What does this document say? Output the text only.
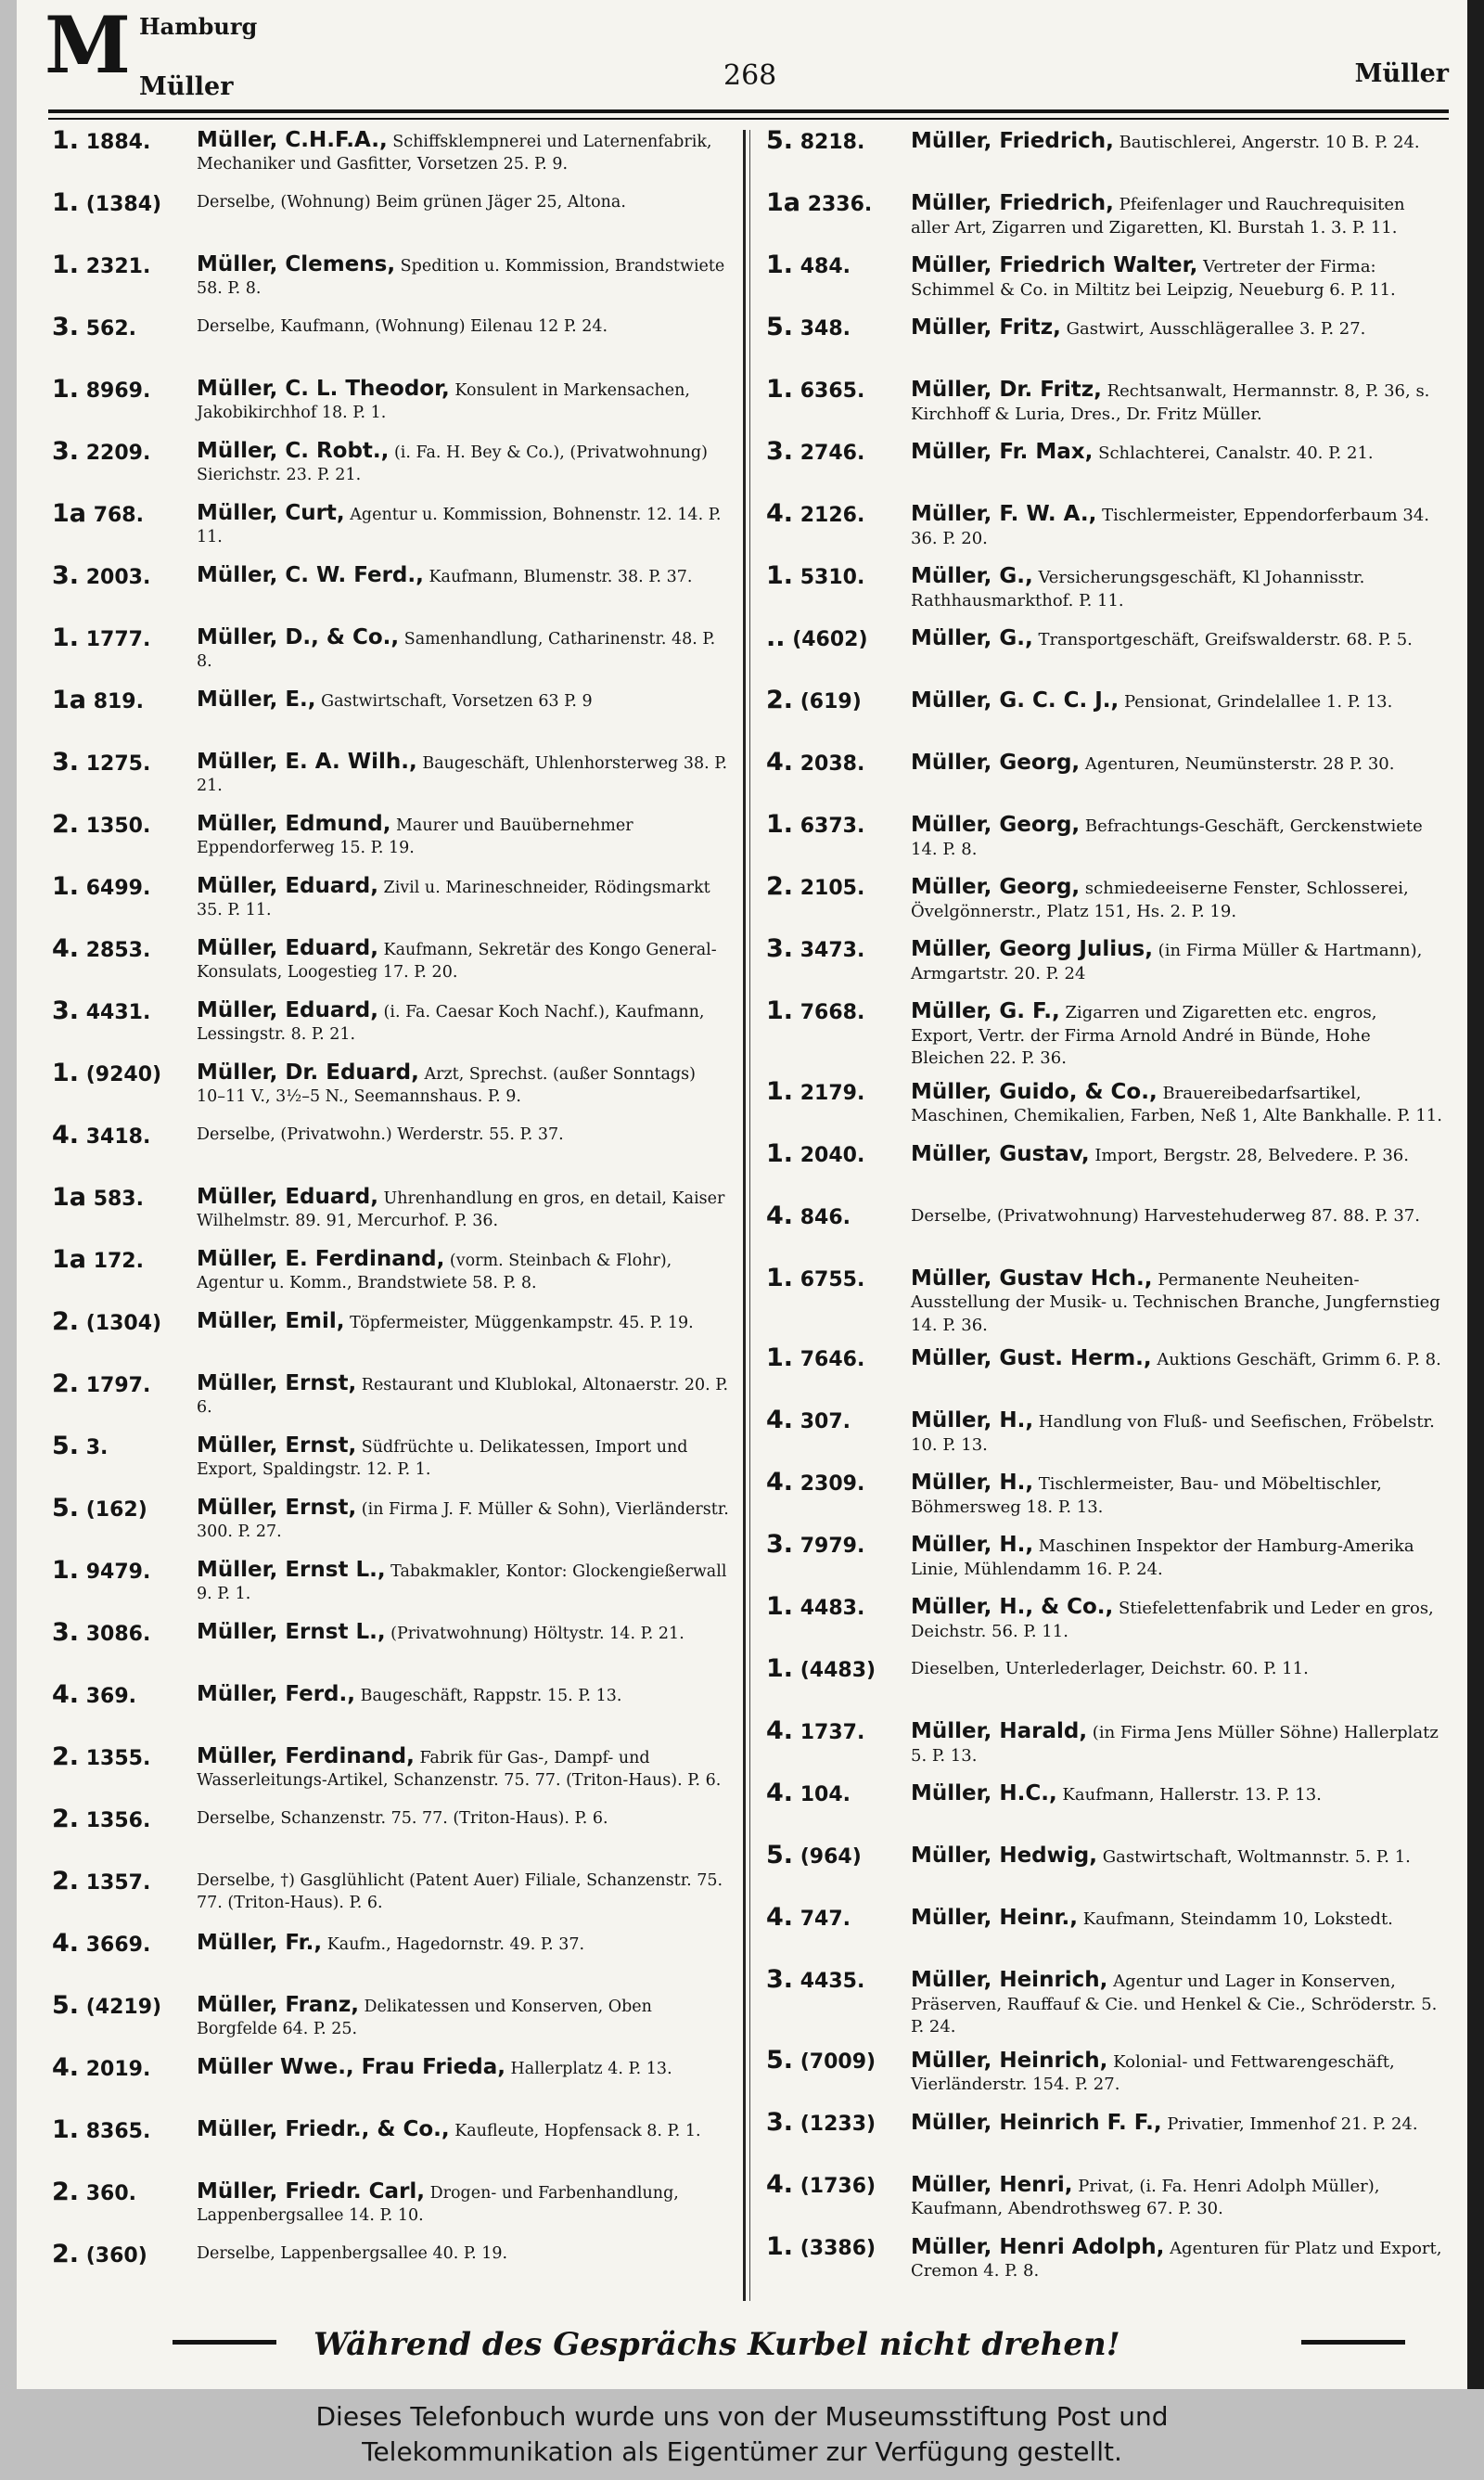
M Hamburg
Müller	268	Müller
1. 1884.	Müller, C.H.F.A., Schiffsklempnerei und Laternenfabrik, Mechaniker und Gasfitter, Vorsetzen 25. P. 9.
1. (1384)	Derselbe, (Wohnung) Beim grünen Jäger 25, Altona.
1. 2321.	Müller, Clemens, Spedition u. Kommission, Brandstwiete 58. P. 8.
3. 562.	Derselbe, Kaufmann, (Wohnung) Eilenau 12 P. 24.
1. 8969.	Müller, C. L. Theodor, Konsulent in Markensachen, Jakobikirchhof 18. P. 1.
3. 2209.	Müller, C. Robt., (i. Fa. H. Bey & Co.), (Privatwohnung) Sierichstr. 23. P. 21.
1a 768.	Müller, Curt, Agentur u. Kommission, Bohnenstr. 12. 14. P. 11.
3. 2003.	Müller, C. W. Ferd., Kaufmann, Blumenstr. 38. P. 37.
1. 1777.	Müller, D., & Co., Samenhandlung, Catharinenstr. 48. P. 8.
1a 819.	Müller, E., Gastwirtschaft, Vorsetzen 63 P. 9
3. 1275.	Müller, E. A. Wilh., Baugeschäft, Uhlenhorsterweg 38. P. 21.
2. 1350.	Müller, Edmund, Maurer und Bauübernehmer Eppendorferweg 15. P. 19.
1. 6499.	Müller, Eduard, Zivil u. Marineschneider, Rödingsmarkt 35. P. 11.
4. 2853.	Müller, Eduard, Kaufmann, Sekretär des Kongo General-Konsulats, Loogestieg 17. P. 20.
3. 4431.	Müller, Eduard, (i. Fa. Caesar Koch Nachf.), Kaufmann, Lessingstr. 8. P. 21.
1. (9240)	Müller, Dr. Eduard, Arzt, Sprechst. (außer Sonntags) 10–11 V., 3½–5 N., Seemannshaus. P. 9.
4. 3418.	Derselbe, (Privatwohn.) Werderstr. 55. P. 37.
1a 583.	Müller, Eduard, Uhrenhandlung en gros, en detail, Kaiser Wilhelmstr. 89. 91, Mercurhof. P. 36.
1a 172.	Müller, E. Ferdinand, (vorm. Steinbach & Flohr), Agentur u. Komm., Brandstwiete 58. P. 8.
2. (1304)	Müller, Emil, Töpfermeister, Müggenkampstr. 45. P. 19.
2. 1797.	Müller, Ernst, Restaurant und Klublokal, Altonaerstr. 20. P. 6.
5. 3.	Müller, Ernst, Südfrüchte u. Delikatessen, Import und Export, Spaldingstr. 12. P. 1.
5. (162)	Müller, Ernst, (in Firma J. F. Müller & Sohn), Vierländerstr. 300. P. 27.
1. 9479.	Müller, Ernst L., Tabakmakler, Kontor: Glockengießerwall 9. P. 1.
3. 3086.	Müller, Ernst L., (Privatwohnung) Höltystr. 14. P. 21.
4. 369.	Müller, Ferd., Baugeschäft, Rappstr. 15. P. 13.
2. 1355.	Müller, Ferdinand, Fabrik für Gas-, Dampf- und Wasserleitungs-Artikel, Schanzenstr. 75. 77. (Triton-Haus). P. 6.
2. 1356.	Derselbe, Schanzenstr. 75. 77. (Triton-Haus). P. 6.
2. 1357.	Derselbe, †) Gasglühlicht (Patent Auer) Filiale, Schanzenstr. 75. 77. (Triton-Haus). P. 6.
4. 3669.	Müller, Fr., Kaufm., Hagedornstr. 49. P. 37.
5. (4219)	Müller, Franz, Delikatessen und Konserven, Oben Borgfelde 64. P. 25.
4. 2019.	Müller Wwe., Frau Frieda, Hallerplatz 4. P. 13.
1. 8365.	Müller, Friedr., & Co., Kaufleute, Hopfensack 8. P. 1.
2. 360.	Müller, Friedr. Carl, Drogen- und Farbenhandlung, Lappenbergsallee 14. P. 10.
2. (360)	Derselbe, Lappenbergsallee 40. P. 19.
5. 8218.	Müller, Friedrich, Bautischlerei, Angerstr. 10 B. P. 24.
1a 2336.	Müller, Friedrich, Pfeifenlager und Rauchrequisiten aller Art, Zigarren und Zigaretten, Kl. Burstah 1. 3. P. 11.
1. 484.	Müller, Friedrich Walter, Vertreter der Firma: Schimmel & Co. in Miltitz bei Leipzig, Neueburg 6. P. 11.
5. 348.	Müller, Fritz, Gastwirt, Ausschlägerallee 3. P. 27.
1. 6365.	Müller, Dr. Fritz, Rechtsanwalt, Hermannstr. 8, P. 36, s. Kirchhoff & Luria, Dres., Dr. Fritz Müller.
3. 2746.	Müller, Fr. Max, Schlachterei, Canalstr. 40. P. 21.
4. 2126.	Müller, F. W. A., Tischlermeister, Eppendorferbaum 34. 36. P. 20.
1. 5310.	Müller, G., Versicherungsgeschäft, Kl Johannisstr. Rathhausmarkthof. P. 11.
.. (4602)	Müller, G., Transportgeschäft, Greifswalderstr. 68. P. 5.
2. (619)	Müller, G. C. C. J., Pensionat, Grindelallee 1. P. 13.
4. 2038.	Müller, Georg, Agenturen, Neumünsterstr. 28 P. 30.
1. 6373.	Müller, Georg, Befrachtungs-Geschäft, Gerckenstwiete 14. P. 8.
2. 2105.	Müller, Georg, schmiedeeiserne Fenster, Schlosserei, Övelgönnerstr., Platz 151, Hs. 2. P. 19.
3. 3473.	Müller, Georg Julius, (in Firma Müller & Hartmann), Armgartstr. 20. P. 24
1. 7668.	Müller, G. F., Zigarren und Zigaretten etc. engros, Export, Vertr. der Firma Arnold André in Bünde, Hohe Bleichen 22. P. 36.
1. 2179.	Müller, Guido, & Co., Brauereibedarfsartikel, Maschinen, Chemikalien, Farben, Neß 1, Alte Bankhalle. P. 11.
1. 2040.	Müller, Gustav, Import, Bergstr. 28, Belvedere. P. 36.
4. 846.	Derselbe, (Privatwohnung) Harvestehuderweg 87. 88. P. 37.
1. 6755.	Müller, Gustav Hch., Permanente Neuheiten-Ausstellung der Musik- u. Technischen Branche, Jungfernstieg 14. P. 36.
1. 7646.	Müller, Gust. Herm., Auktions Geschäft, Grimm 6. P. 8.
4. 307.	Müller, H., Handlung von Fluß- und Seefischen, Fröbelstr. 10. P. 13.
4. 2309.	Müller, H., Tischlermeister, Bau- und Möbeltischler, Böhmersweg 18. P. 13.
3. 7979.	Müller, H., Maschinen Inspektor der Hamburg-Amerika Linie, Mühlendamm 16. P. 24.
1. 4483.	Müller, H., & Co., Stiefelettenfabrik und Leder en gros, Deichstr. 56. P. 11.
1. (4483)	Dieselben, Unterlederlager, Deichstr. 60. P. 11.
4. 1737.	Müller, Harald, (in Firma Jens Müller Söhne) Hallerplatz 5. P. 13.
4. 104.	Müller, H.C., Kaufmann, Hallerstr. 13. P. 13.
5. (964)	Müller, Hedwig, Gastwirtschaft, Woltmannstr. 5. P. 1.
4. 747.	Müller, Heinr., Kaufmann, Steindamm 10, Lokstedt.
3. 4435.	Müller, Heinrich, Agentur und Lager in Konserven, Präserven, Rauffauf & Cie. und Henkel & Cie., Schröderstr. 5. P. 24.
5. (7009)	Müller, Heinrich, Kolonial- und Fettwarengeschäft, Vierländerstr. 154. P. 27.
3. (1233)	Müller, Heinrich F. F., Privatier, Immenhof 21. P. 24.
4. (1736)	Müller, Henri, Privat, (i. Fa. Henri Adolph Müller), Kaufmann, Abendrothsweg 67. P. 30.
1. (3386)	Müller, Henri Adolph, Agenturen für Platz und Export, Cremon 4. P. 8.
Während des Gesprächs Kurbel nicht drehen!
Dieses Telefonbuch wurde uns von der Museumsstiftung Post und
Telekommunikation als Eigentümer zur Verfügung gestellt.
